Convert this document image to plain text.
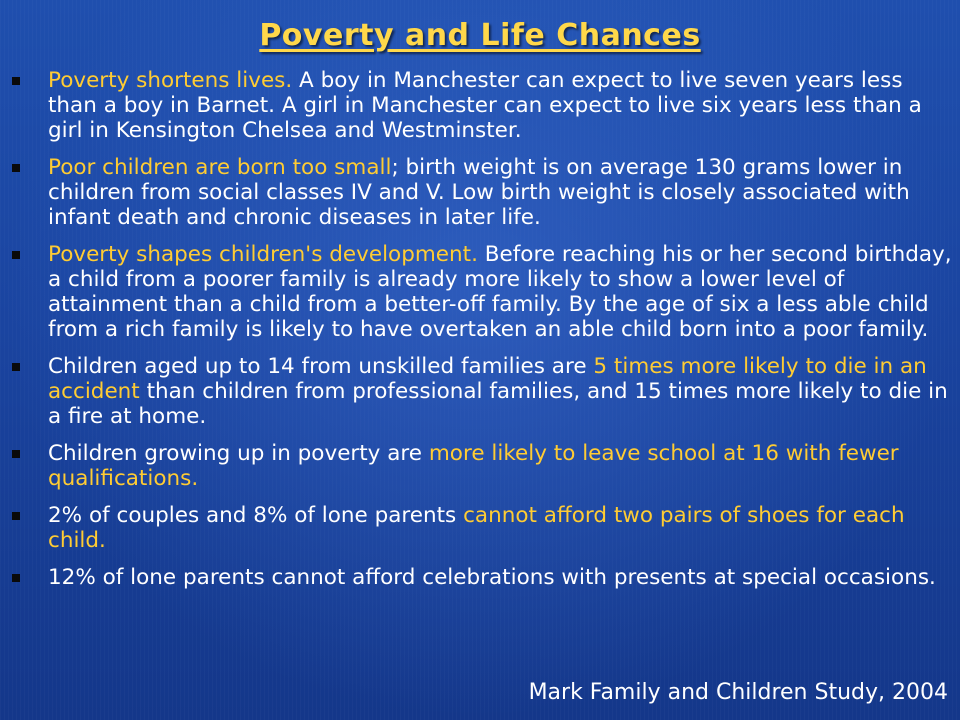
Poverty and Life Chances
Poverty shortens lives. A boy in Manchester can expect to live seven years less than a boy in Barnet. A girl in Manchester can expect to live six years less than a girl in Kensington Chelsea and Westminster.
Poor children are born too small; birth weight is on average 130 grams lower in children from social classes IV and V. Low birth weight is closely associated with infant death and chronic diseases in later life.
Poverty shapes children's development. Before reaching his or her second birthday, a child from a poorer family is already more likely to show a lower level of attainment than a child from a better-off family. By the age of six a less able child from a rich family is likely to have overtaken an able child born into a poor family.
Children aged up to 14 from unskilled families are 5 times more likely to die in an accident than children from professional families, and 15 times more likely to die in a fire at home.
Children growing up in poverty are more likely to leave school at 16 with fewer qualifications.
2% of couples and 8% of lone parents cannot afford two pairs of shoes for each child.
12% of lone parents cannot afford celebrations with presents at special occasions.
Mark Family and Children Study, 2004
